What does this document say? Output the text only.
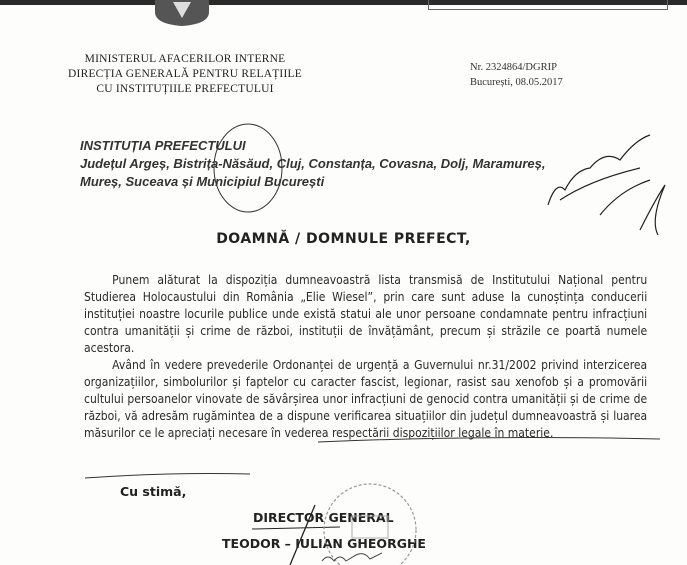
MINISTERUL AFACERILOR INTERNE
DIRECȚIA GENERALĂ PENTRU RELAȚIILE
CU INSTITUȚIILE PREFECTULUI
Nr. 2324864/DGRIP
București, 08.05.2017
INSTITUȚIA PREFECTULUI
Județul Argeș, Bistrița-Năsăud, Cluj, Constanța, Covasna, Dolj, Maramureș,
Mureș, Suceava și Municipiul București
DOAMNĂ / DOMNULE PREFECT,

Punem alăturat la dispoziția dumneavoastră lista transmisă de Institutului Național pentru Studierea Holocaustului din România „Elie Wiesel”, prin care sunt aduse la cunoștința conducerii instituției noastre locurile publice unde există statui ale unor persoane condamnate pentru infracțiuni contra umanității și crime de război, instituții de învățământ, precum și străzile ce poartă numele acestora.

Având în vedere prevederile Ordonanței de urgență a Guvernului nr.31/2002 privind interzicerea organizațiilor, simbolurilor și faptelor cu caracter fascist, legionar, rasist sau xenofob și a promovării cultului persoanelor vinovate de săvârșirea unor infracțiuni de genocid contra umanității și de crime de război, vă adresăm rugămintea de a dispune verificarea situațiilor din județul dumneavoastră și luarea măsurilor ce le apreciați necesare în vederea respectării dispozițiilor legale în materie.

Cu stimă,
DIRECTOR GENERAL
TEODOR – IULIAN GHEORGHE
